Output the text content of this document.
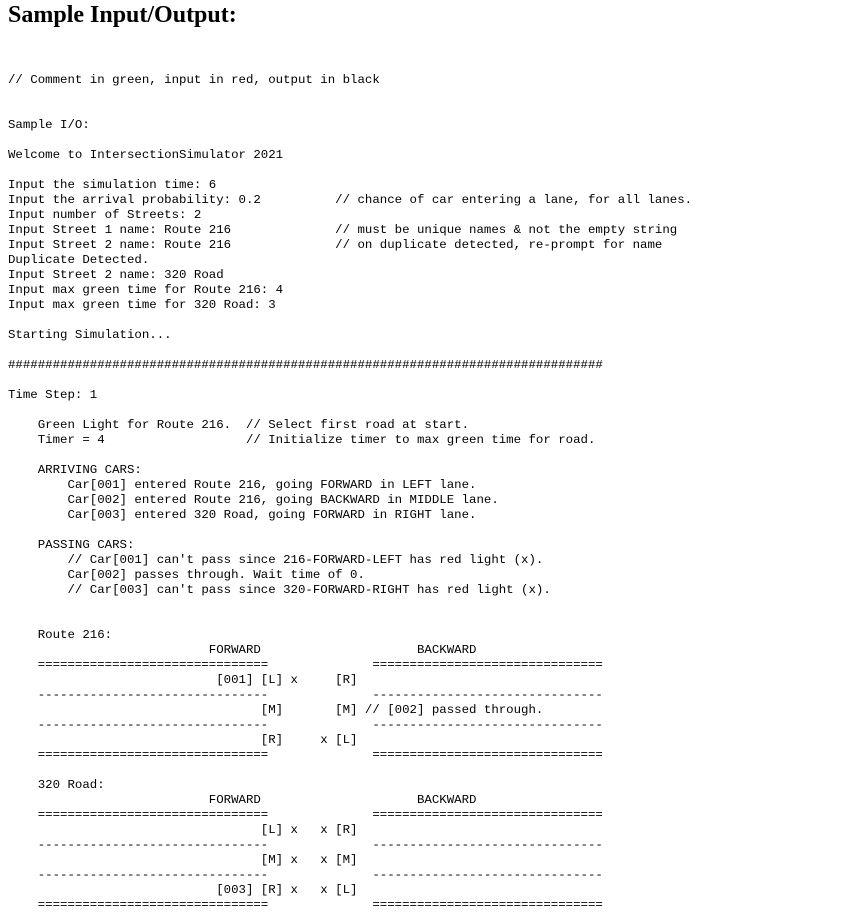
Sample Input/Output:
// Comment in green, input in red, output in black
Sample I/O:
Welcome to IntersectionSimulator 2021
Input the simulation time: 6
Input the arrival probability: 0.2          // chance of car entering a lane, for all lanes.
Input number of Streets: 2
Input Street 1 name: Route 216              // must be unique names & not the empty string
Input Street 2 name: Route 216              // on duplicate detected, re-prompt for name
Duplicate Detected.
Input Street 2 name: 320 Road
Input max green time for Route 216: 4
Input max green time for 320 Road: 3
Starting Simulation...
################################################################################
Time Step: 1
Green Light for Route 216.  // Select first road at start.
Timer = 4                   // Initialize timer to max green time for road.
ARRIVING CARS:
Car[001] entered Route 216, going FORWARD in LEFT lane.
Car[002] entered Route 216, going BACKWARD in MIDDLE lane.
Car[003] entered 320 Road, going FORWARD in RIGHT lane.
PASSING CARS:
// Car[001] can't pass since 216-FORWARD-LEFT has red light (x).
Car[002] passes through. Wait time of 0.
// Car[003] can't pass since 320-FORWARD-RIGHT has red light (x).
Route 216:
FORWARD                     BACKWARD
===============================              ===============================
[001] [L] x     [R]
-------------------------------              -------------------------------
[M]       [M] // [002] passed through.
-------------------------------              -------------------------------
[R]     x [L]
===============================              ===============================
320 Road:
FORWARD                     BACKWARD
===============================              ===============================
[L] x   x [R]
-------------------------------              -------------------------------
[M] x   x [M]
-------------------------------              -------------------------------
[003] [R] x   x [L]
===============================              ===============================
